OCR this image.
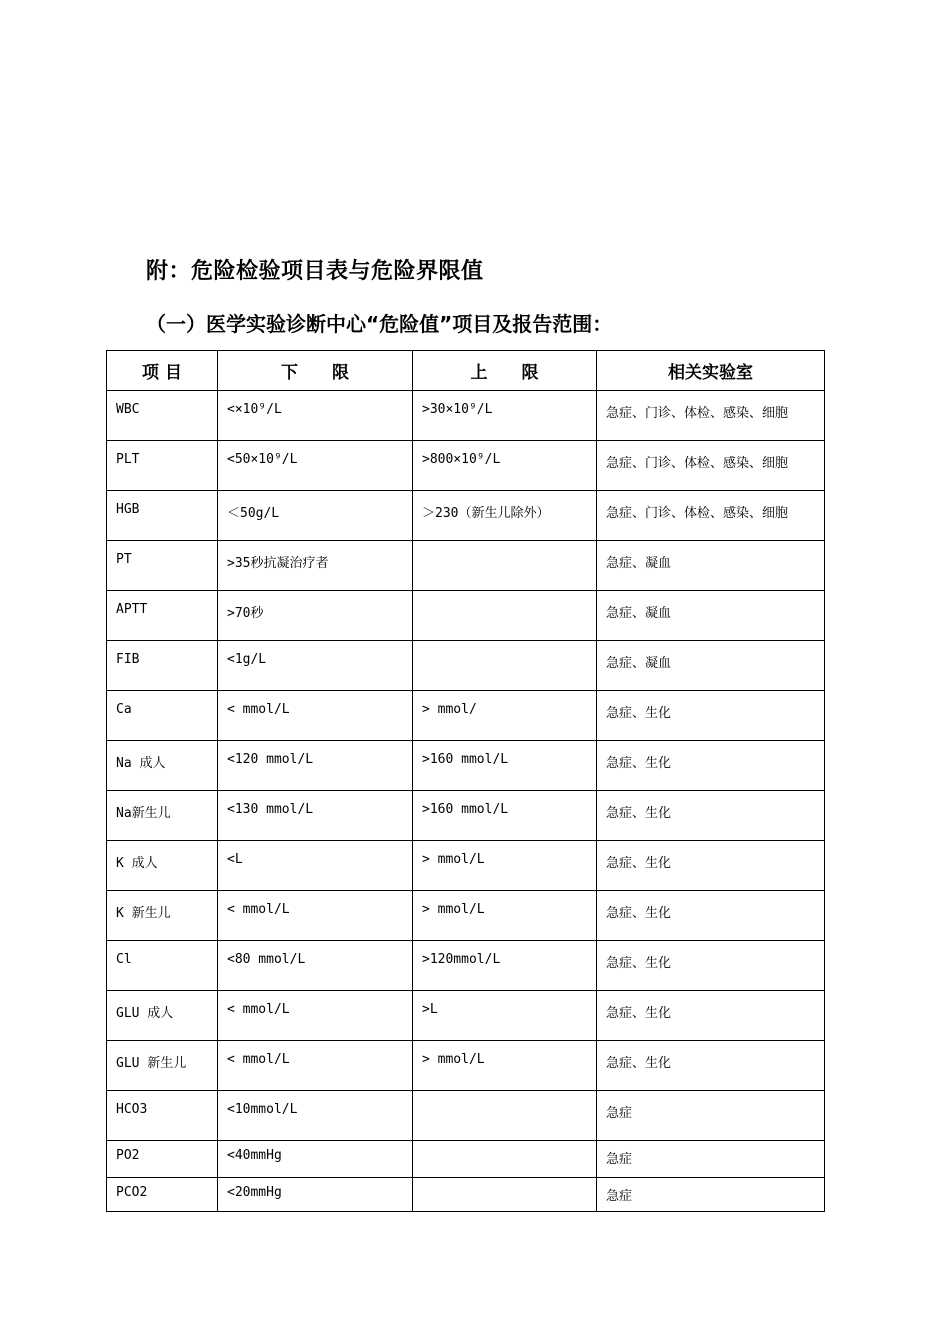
附：危险检验项目表与危险界限值
（一）医学实验诊断中心“危险值”项目及报告范围：
项 目	下　　限	上　　限	相关实验室
WBC	<×10⁹/L	>30×10⁹/L	急症、门诊、体检、感染、细胞
PLT	<50×10⁹/L	>800×10⁹/L	急症、门诊、体检、感染、细胞
HGB	＜50g/L	＞230（新生儿除外）	急症、门诊、体检、感染、细胞
PT	>35秒抗凝治疗者		急症、凝血
APTT	>70秒		急症、凝血
FIB	<1g/L		急症、凝血
Ca	< mmol/L	> mmol/	急症、生化
Na 成人	<120 mmol/L	>160 mmol/L	急症、生化
Na新生儿	<130 mmol/L	>160 mmol/L	急症、生化
K 成人	<L	> mmol/L	急症、生化
K 新生儿	< mmol/L	> mmol/L	急症、生化
Cl	<80 mmol/L	>120mmol/L	急症、生化
GLU 成人	< mmol/L	>L	急症、生化
GLU 新生儿	< mmol/L	> mmol/L	急症、生化
HCO3	<10mmol/L		急症
PO2	<40mmHg		急症
PCO2	<20mmHg		急症
